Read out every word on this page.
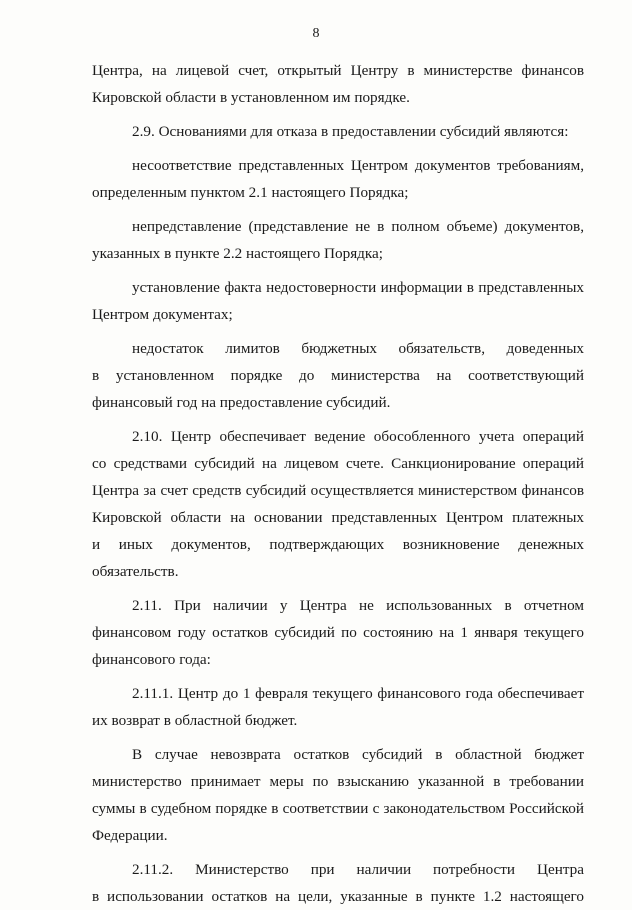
8
Центра, на лицевой счет, открытый Центру в министерстве финансов
Кировской области в установленном им порядке.
2.9. Основаниями для отказа в предоставлении субсидий являются:
несоответствие представленных Центром документов требованиям,
определенным пунктом 2.1 настоящего Порядка;
непредставление (представление не в полном объеме) документов,
указанных в пункте 2.2 настоящего Порядка;
установление факта недостоверности информации в представленных
Центром документах;
недостаток лимитов бюджетных обязательств, доведенных
в установленном порядке до министерства на соответствующий
финансовый год на предоставление субсидий.
2.10. Центр обеспечивает ведение обособленного учета операций
со средствами субсидий на лицевом счете. Санкционирование операций
Центра за счет средств субсидий осуществляется министерством финансов
Кировской области на основании представленных Центром платежных
и иных документов, подтверждающих возникновение денежных
обязательств.
2.11. При наличии у Центра не использованных в отчетном
финансовом году остатков субсидий по состоянию на 1 января текущего
финансового года:
2.11.1. Центр до 1 февраля текущего финансового года обеспечивает
их возврат в областной бюджет.
В случае невозврата остатков субсидий в областной бюджет
министерство принимает меры по взысканию указанной в требовании
суммы в судебном порядке в соответствии с законодательством Российской
Федерации.
2.11.2. Министерство при наличии потребности Центра
в использовании остатков на цели, указанные в пункте 1.2 настоящего
